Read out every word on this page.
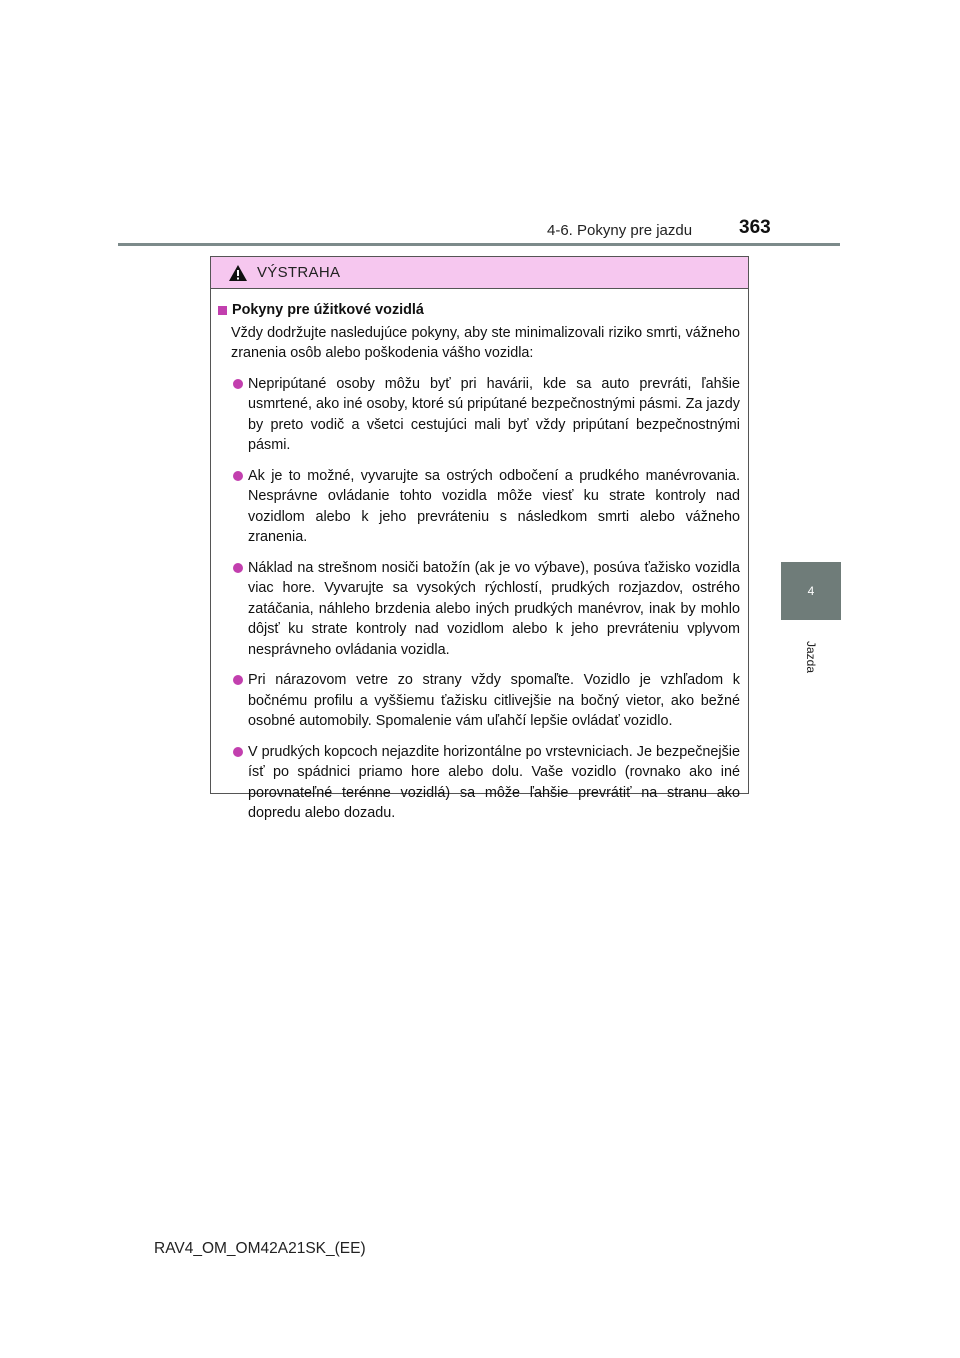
4-6. Pokyny pre jazdu 363
4
Jazda
VÝSTRAHA
Pokyny pre úžitkové vozidlá
Vždy dodržujte nasledujúce pokyny, aby ste minimalizovali riziko smrti, vážneho zranenia osôb alebo poškodenia vášho vozidla:
Nepripútané osoby môžu byť pri havárii, kde sa auto prevráti, ľahšie usmrtené, ako iné osoby, ktoré sú pripútané bezpečnostnými pásmi. Za jazdy by preto vodič a všetci cestujúci mali byť vždy pripútaní bezpečnostnými pásmi.
Ak je to možné, vyvarujte sa ostrých odbočení a prudkého manévrovania. Nesprávne ovládanie tohto vozidla môže viesť ku strate kontroly nad vozidlom alebo k jeho prevráteniu s následkom smrti alebo vážneho zranenia.
Náklad na strešnom nosiči batožín (ak je vo výbave), posúva ťažisko vozidla viac hore. Vyvarujte sa vysokých rýchlostí, prudkých rozjazdov, ostrého zatáčania, náhleho brzdenia alebo iných prudkých manévrov, inak by mohlo dôjsť ku strate kontroly nad vozidlom alebo k jeho prevráteniu vplyvom nesprávneho ovládania vozidla.
Pri nárazovom vetre zo strany vždy spomaľte. Vozidlo je vzhľadom k bočnému profilu a vyššiemu ťažisku citlivejšie na bočný vietor, ako bežné osobné automobily. Spomalenie vám uľahčí lepšie ovládať vozidlo.
V prudkých kopcoch nejazdite horizontálne po vrstevniciach. Je bezpečnejšie ísť po spádnici priamo hore alebo dolu. Vaše vozidlo (rovnako ako iné porovnateľné terénne vozidlá) sa môže ľahšie prevrátiť na stranu ako dopredu alebo dozadu.
RAV4_OM_OM42A21SK_(EE)
